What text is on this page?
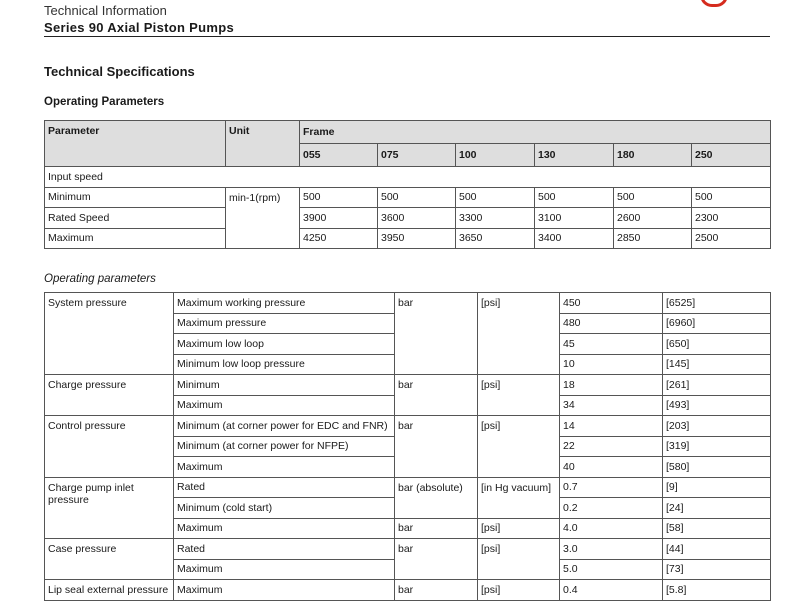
Technical Information
Series 90 Axial Piston Pumps
Technical Specifications
Operating Parameters
Parameter	Unit	Frame					
		055	075	100	130	180	250
Input speed							
Minimum	min-1(rpm)	500	500	500	500	500	500
Rated Speed		3900	3600	3300	3100	2600	2300
Maximum		4250	3950	3650	3400	2850	2500
Operating parameters
System pressure	Maximum working pressure	bar	[psi]	450	[6525]
	Maximum pressure			480	[6960]
	Maximum low loop			45	[650]
	Minimum low loop pressure			10	[145]
Charge pressure	Minimum	bar	[psi]	18	[261]
	Maximum			34	[493]
Control pressure	Minimum (at corner power for EDC and FNR)	bar	[psi]	14	[203]
	Minimum (at corner power for NFPE)			22	[319]
	Maximum			40	[580]
Charge pump inlet pressure	Rated	bar (absolute)	[in Hg vacuum]	0.7	[9]
	Minimum (cold start)			0.2	[24]
	Maximum	bar	[psi]	4.0	[58]
Case pressure	Rated	bar	[psi]	3.0	[44]
	Maximum			5.0	[73]
Lip seal external pressure	Maximum	bar	[psi]	0.4	[5.8]
